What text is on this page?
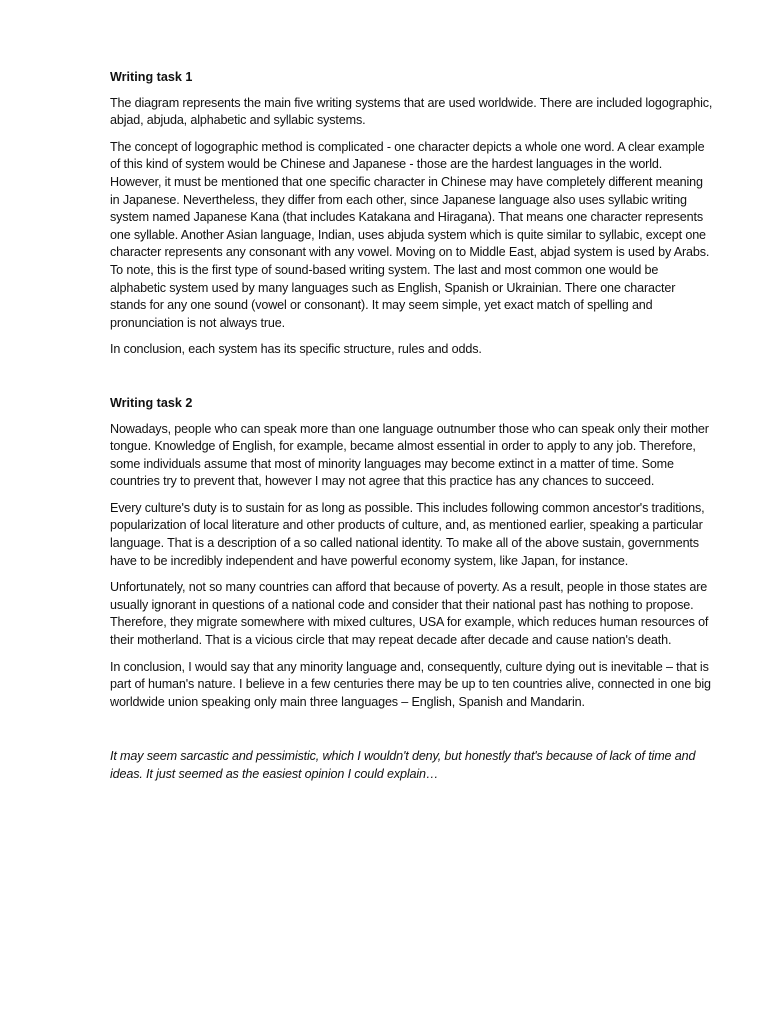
Writing task 1

The diagram represents the main five writing systems that are used worldwide. There are included logographic, abjad, abjuda, alphabetic and syllabic systems.

The concept of logographic method is complicated - one character depicts a whole one word. A clear example of this kind of system would be Chinese and Japanese - those are the hardest languages in the world. However, it must be mentioned that one specific character in Chinese may have completely different meaning in Japanese. Nevertheless, they differ from each other, since Japanese language also uses syllabic writing system named Japanese Kana (that includes Katakana and Hiragana). That means one character represents one syllable. Another Asian language, Indian, uses abjuda system which is quite similar to syllabic, except one character represents any consonant with any vowel. Moving on to Middle East, abjad system is used by Arabs. To note, this is the first type of sound-based writing system. The last and most common one would be alphabetic system used by many languages such as English, Spanish or Ukrainian. There one character stands for any one sound (vowel or consonant). It may seem simple, yet exact match of spelling and pronunciation is not always true.

In conclusion, each system has its specific structure, rules and odds.

Writing task 2

Nowadays, people who can speak more than one language outnumber those who can speak only their mother tongue. Knowledge of English, for example, became almost essential in order to apply to any job. Therefore, some individuals assume that most of minority languages may become extinct in a matter of time. Some countries try to prevent that, however I may not agree that this practice has any chances to succeed.

Every culture's duty is to sustain for as long as possible. This includes following common ancestor's traditions, popularization of local literature and other products of culture, and, as mentioned earlier, speaking a particular language. That is a description of a so called national identity. To make all of the above sustain, governments have to be incredibly independent and have powerful economy system, like Japan, for instance.

Unfortunately, not so many countries can afford that because of poverty. As a result, people in those states are usually ignorant in questions of a national code and consider that their national past has nothing to propose. Therefore, they migrate somewhere with mixed cultures, USA for example, which reduces human resources of their motherland. That is a vicious circle that may repeat decade after decade and cause nation's death.

In conclusion, I would say that any minority language and, consequently, culture dying out is inevitable – that is part of human's nature. I believe in a few centuries there may be up to ten countries alive, connected in one big worldwide union speaking only main three languages – English, Spanish and Mandarin.

It may seem sarcastic and pessimistic, which I wouldn't deny, but honestly that's because of lack of time and ideas. It just seemed as the easiest opinion I could explain…
